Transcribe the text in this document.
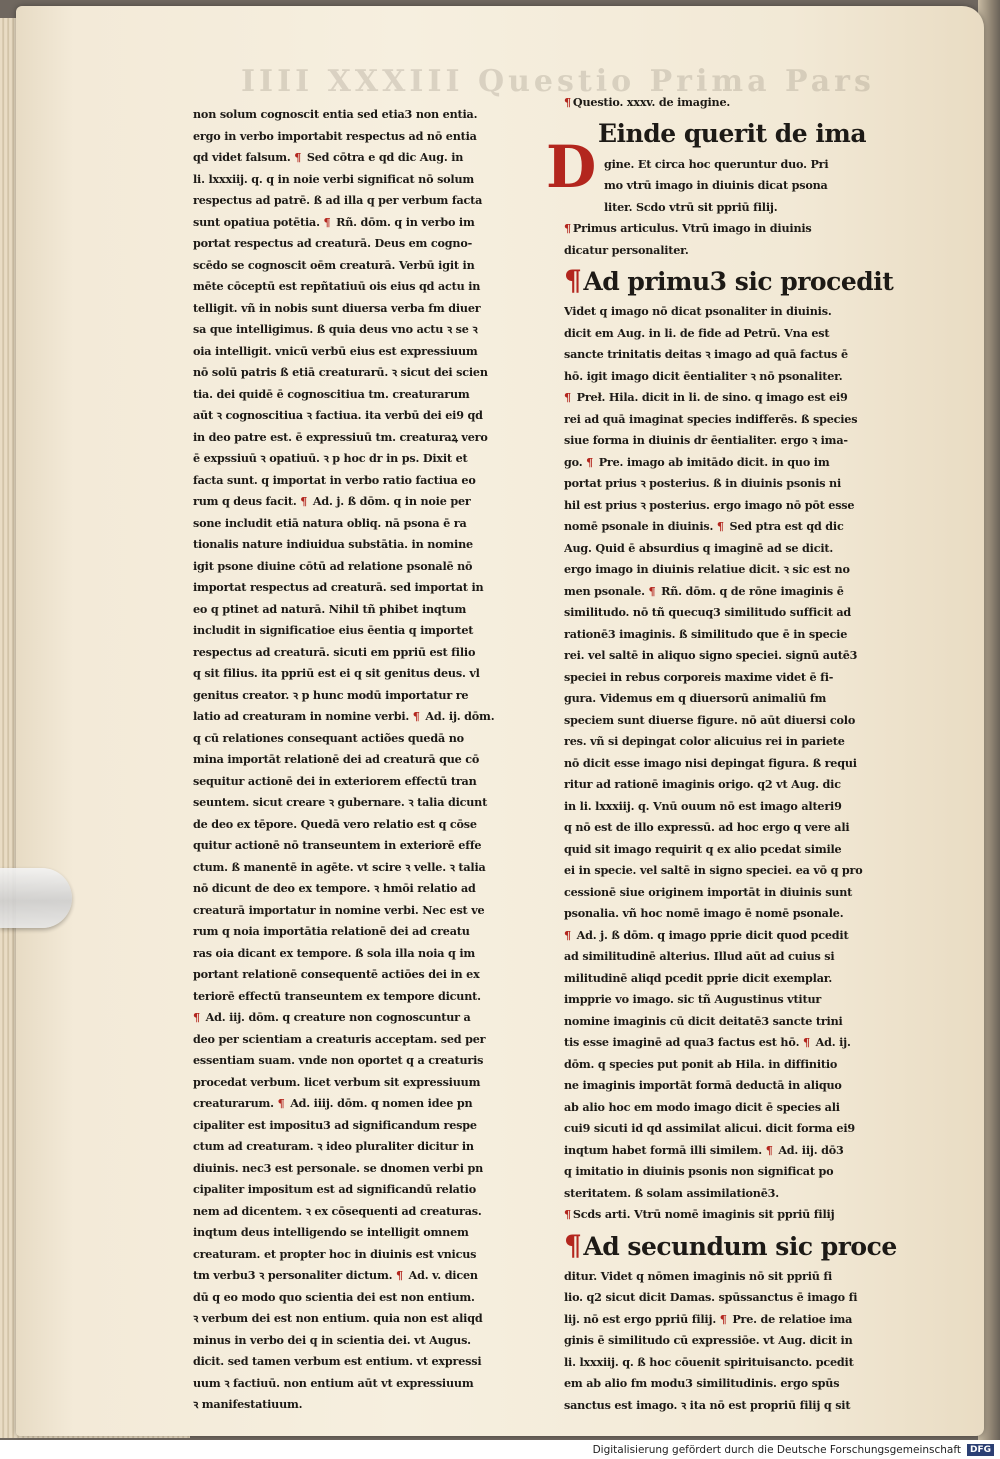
IIII XXXIII Questio Prima Pars
non solum cognoscit entia sed etia3 non entia.
ergo in verbo importabit respectus ad nō entia
qd videt falsum. ¶ Sed cōtra e qd dic Aug. in
li. lxxxiij. q. q in noie verbi significat nō solum
respectus ad patrē. ß ad illa q per verbum facta
sunt opatiua potētia. ¶ Rñ. dōm. q in verbo im
portat respectus ad creaturā. Deus em cogno-
scēdo se cognoscit oēm creaturā. Verbū igit in
mēte cōceptū est repñtatiuū ois eius qd actu in
telligit. vñ in nobis sunt diuersa verba fm diuer
sa que intelligimus. ß quia deus vno actu ꝛ se ꝛ
oia intelligit. vnicū verbū eius est expressiuum
nō solū patris ß etiā creaturarū. ꝛ sicut dei scien
tia. dei quidē ē cognoscitiua tm. creaturarum
aūt ꝛ cognoscitiua ꝛ factiua. ita verbū dei ei9 qd
in deo patre est. ē expressiuū tm. creaturaꝝ vero
ē expssiuū ꝛ opatiuū. ꝛ p hoc dr in ps. Dixit et
facta sunt. q importat in verbo ratio factiua eo
rum q deus facit. ¶ Ad. j. ß dōm. q in noie per
sone includit etiā natura obliq. nā psona ē ra
tionalis nature indiuidua substātia. in nomine
igit psone diuine cōtū ad relatione psonalē nō
importat respectus ad creaturā. sed importat in
eo q ptinet ad naturā. Nihil tñ phibet inqtum
includit in significatioe eius ēentia q importet
respectus ad creaturā. sicuti em ppriū est filio
q sit filius. ita ppriū est ei q sit genitus deus. vl
genitus creator. ꝛ p hunc modū importatur re
latio ad creaturam in nomine verbi. ¶ Ad. ij. dōm.
q cū relationes consequant actiões quedā no
mina importāt relationē dei ad creaturā que cō
sequitur actionē dei in exteriorem effectū tran
seuntem. sicut creare ꝛ gubernare. ꝛ talia dicunt
de deo ex tēpore. Quedā vero relatio est q cōse
quitur actionē nō transeuntem in exteriorē effe
ctum. ß manentē in agēte. vt scire ꝛ velle. ꝛ talia
nō dicunt de deo ex tempore. ꝛ hmōi relatio ad
creaturā importatur in nomine verbi. Nec est ve
rum q noia importātia relationē dei ad creatu
ras oia dicant ex tempore. ß sola illa noia q im
portant relationē consequentē actiōes dei in ex
teriorē effectū transeuntem ex tempore dicunt.
¶ Ad. iij. dōm. q creature non cognoscuntur a
deo per scientiam a creaturis acceptam. sed per
essentiam suam. vnde non oportet q a creaturis
procedat verbum. licet verbum sit expressiuum
creaturarum. ¶ Ad. iiij. dōm. q nomen idee pn
cipaliter est impositu3 ad significandum respe
ctum ad creaturam. ꝛ ideo pluraliter dicitur in
diuinis. nec3 est personale. se dnomen verbi pn
cipaliter impositum est ad significandū relatio
nem ad dicentem. ꝛ ex cōsequenti ad creaturas.
inqtum deus intelligendo se intelligit omnem
creaturam. et propter hoc in diuinis est vnicus
tm verbu3 ꝛ personaliter dictum. ¶ Ad. v. dicen
dū q eo modo quo scientia dei est non entium.
ꝛ verbum dei est non entium. quia non est aliqd
minus in verbo dei q in scientia dei. vt Augus.
dicit. sed tamen verbum est entium. vt expressi
uum ꝛ factiuū. non entium aūt vt expressiuum
ꝛ manifestatiuum.
¶ Questio. xxxv. de imagine.
D Einde querit de ima
gine. Et circa hoc queruntur duo. Pri
mo vtrū imago in diuinis dicat psona
liter. Scdo vtrū sit ppriū filij.
¶ Primus articulus. Vtrū imago in diuinis
dicatur personaliter.
¶Ad primu3 sic procedit
Videt q imago nō dicat psonaliter in diuinis.
dicit em Aug. in li. de fide ad Petrū. Vna est
sancte trinitatis deitas ꝛ imago ad quā factus ē
hō. igit imago dicit ēentialiter ꝛ nō psonaliter.
¶ Preł. Hila. dicit in li. de sino. q imago est ei9
rei ad quā imaginat species indifferēs. ß species
siue forma in diuinis dr ēentialiter. ergo ꝛ ima-
go. ¶ Pre. imago ab imitādo dicit. in quo im
portat prius ꝛ posterius. ß in diuinis psonis ni
hil est prius ꝛ posterius. ergo imago nō pōt esse
nomē psonale in diuinis. ¶ Sed ptra est qd dic
Aug. Quid ē absurdius q imaginē ad se dicit.
ergo imago in diuinis relatiue dicit. ꝛ sic est no
men psonale. ¶ Rñ. dōm. q de rōne imaginis ē
similitudo. nō tñ quecuq3 similitudo sufficit ad
rationē3 imaginis. ß similitudo que ē in specie
rei. vel saltē in aliquo signo speciei. signū autē3
speciei in rebus corporeis maxime videt ē fi-
gura. Videmus em q diuersorū animaliū fm
speciem sunt diuerse figure. nō aūt diuersi colo
res. vñ si depingat color alicuius rei in pariete
nō dicit esse imago nisi depingat figura. ß requi
ritur ad rationē imaginis origo. q2 vt Aug. dic
in li. lxxxiij. q. Vnū ouum nō est imago alteri9
q nō est de illo expressū. ad hoc ergo q vere ali
quid sit imago requirit q ex alio pcedat simile
ei in specie. vel saltē in signo speciei. ea vō q pro
cessionē siue originem importāt in diuinis sunt
psonalia. vñ hoc nomē imago ē nomē psonale.
¶ Ad. j. ß dōm. q imago pprie dicit quod pcedit
ad similitudinē alterius. Illud aūt ad cuius si
militudinē aliqd pcedit pprie dicit exemplar.
impprie vo imago. sic tñ Augustinus vtitur
nomine imaginis cū dicit deitatē3 sancte trini
tis esse imaginē ad qua3 factus est hō. ¶ Ad. ij.
dōm. q species put ponit ab Hila. in diffinitio
ne imaginis importāt formā deductā in aliquo
ab alio hoc em modo imago dicit ē species ali
cui9 sicuti id qd assimilat alicui. dicit forma ei9
inqtum habet formā illi similem. ¶ Ad. iij. dō3
q imitatio in diuinis psonis non significat po
steritatem. ß solam assimilationē3.
¶ Scds arti. Vtrū nomē imaginis sit ppriū filij
¶Ad secundum sic proce
ditur. Videt q nōmen imaginis nō sit ppriū fi
lio. q2 sicut dicit Damas. spūssanctus ē imago fi
lij. nō est ergo ppriū filij. ¶ Pre. de relatioe ima
ginis ē similitudo cū expressiōe. vt Aug. dicit in
li. lxxxiij. q. ß hoc cōuenit spirituisancto. pcedit
em ab alio fm modu3 similitudinis. ergo spūs
sanctus est imago. ꝛ ita nō est propriū filij q sit
Digitalisierung gefördert durch die Deutsche Forschungsgemeinschaft	DFG
